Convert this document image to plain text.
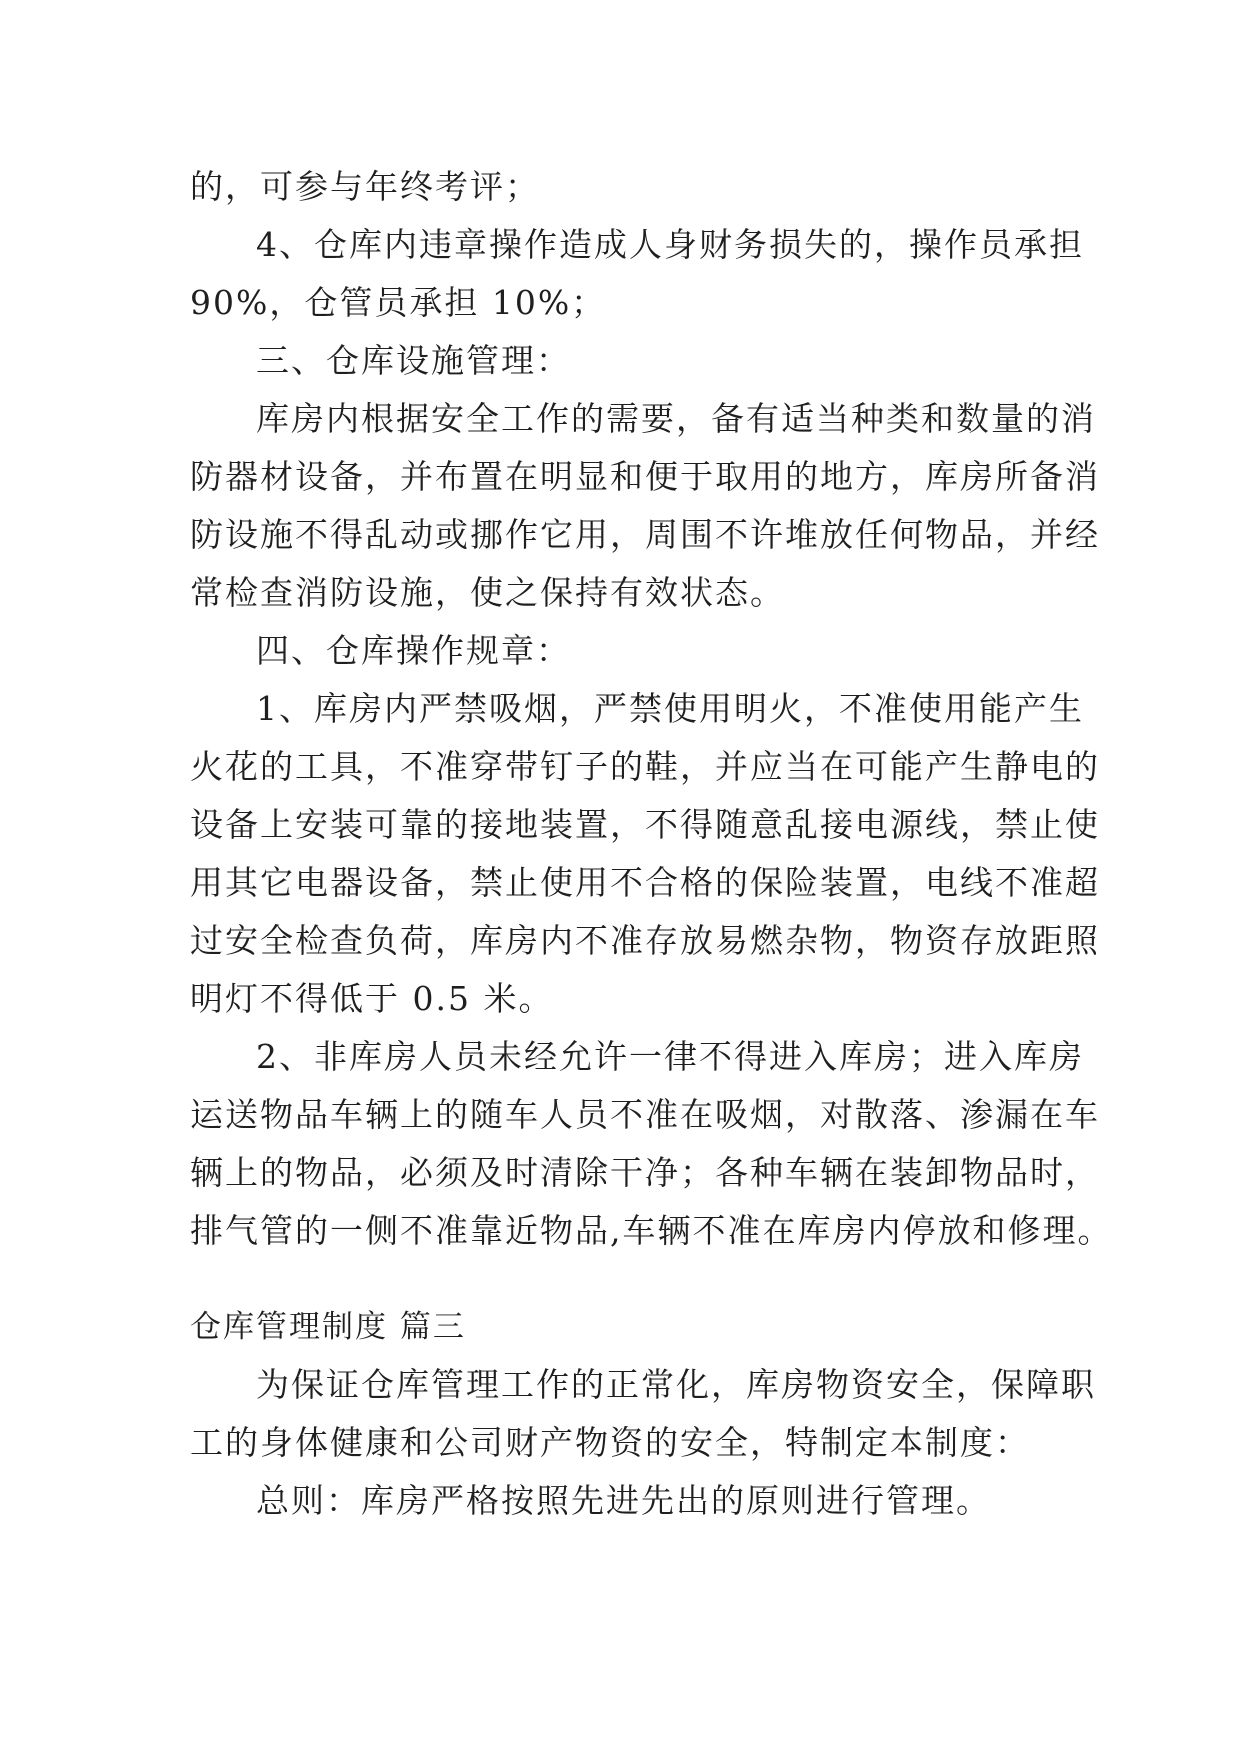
的，可参与年终考评；
4、仓库内违章操作造成人身财务损失的，操作员承担
90%，仓管员承担 10%；
三、仓库设施管理：
库房内根据安全工作的需要，备有适当种类和数量的消
防器材设备，并布置在明显和便于取用的地方，库房所备消
防设施不得乱动或挪作它用，周围不许堆放任何物品，并经
常检查消防设施，使之保持有效状态。
四、仓库操作规章：
1、库房内严禁吸烟，严禁使用明火，不准使用能产生
火花的工具，不准穿带钉子的鞋，并应当在可能产生静电的
设备上安装可靠的接地装置，不得随意乱接电源线，禁止使
用其它电器设备，禁止使用不合格的保险装置，电线不准超
过安全检查负荷，库房内不准存放易燃杂物，物资存放距照
明灯不得低于 0.5 米。
2、非库房人员未经允许一律不得进入库房；进入库房
运送物品车辆上的随车人员不准在吸烟，对散落、渗漏在车
辆上的物品，必须及时清除干净；各种车辆在装卸物品时，
排气管的一侧不准靠近物品,车辆不准在库房内停放和修理。
仓库管理制度 篇三
为保证仓库管理工作的正常化，库房物资安全，保障职
工的身体健康和公司财产物资的安全，特制定本制度：
总则：库房严格按照先进先出的原则进行管理。
